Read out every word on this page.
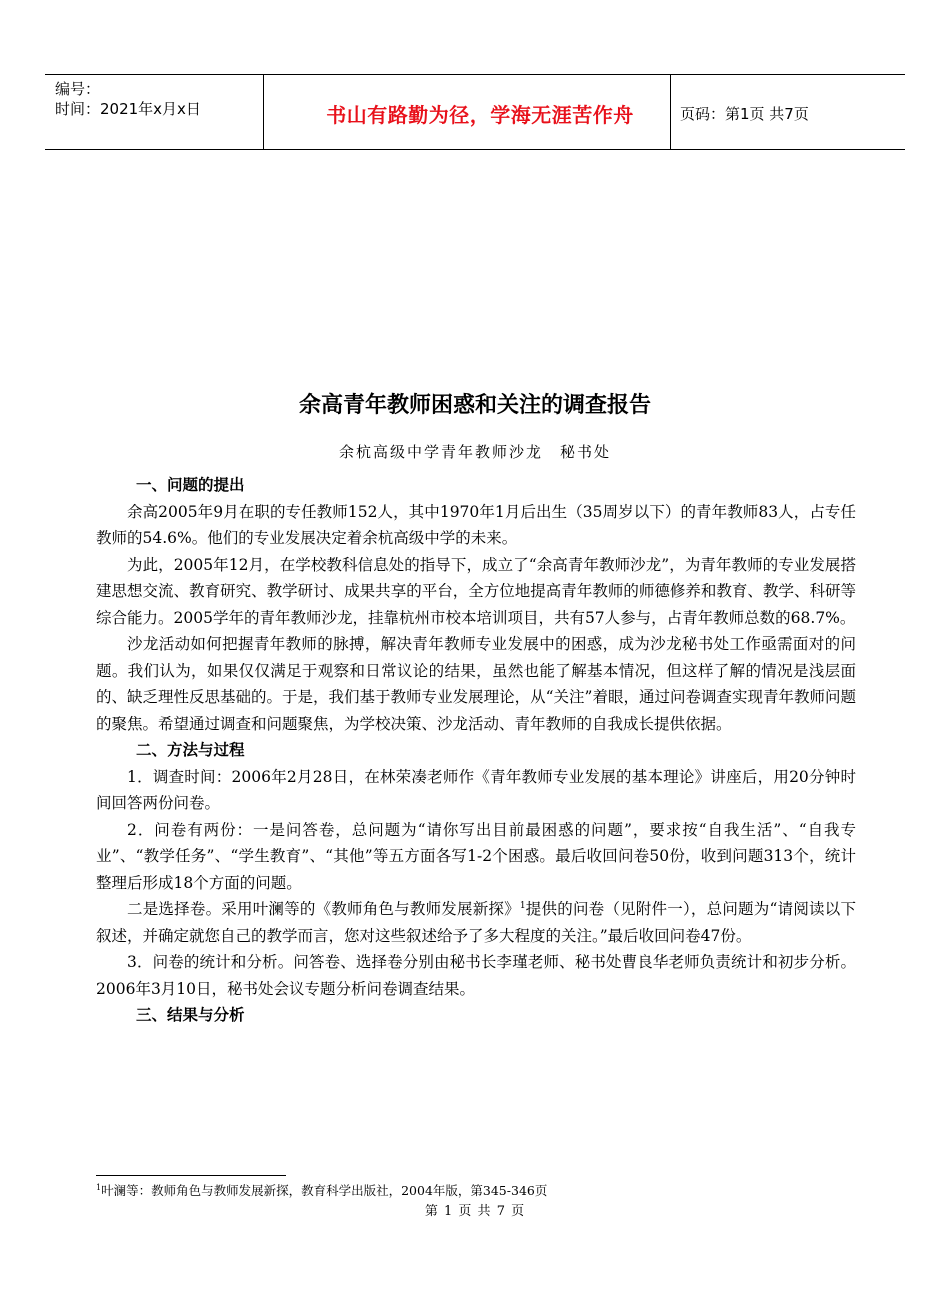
编号：
时间：2021年x月x日	书山有路勤为径，学海无涯苦作舟	页码：第1页 共7页
余高青年教师困惑和关注的调查报告
余杭高级中学青年教师沙龙　秘书处
一、问题的提出

余高2005年9月在职的专任教师152人，其中1970年1月后出生（35周岁以下）的青年教师83人，占专任教师的54.6%。他们的专业发展决定着余杭高级中学的未来。

为此，2005年12月，在学校教科信息处的指导下，成立了“余高青年教师沙龙”，为青年教师的专业发展搭建思想交流、教育研究、教学研讨、成果共享的平台，全方位地提高青年教师的师德修养和教育、教学、科研等综合能力。2005学年的青年教师沙龙，挂靠杭州市校本培训项目，共有57人参与，占青年教师总数的68.7%。

沙龙活动如何把握青年教师的脉搏，解决青年教师专业发展中的困惑，成为沙龙秘书处工作亟需面对的问题。我们认为，如果仅仅满足于观察和日常议论的结果，虽然也能了解基本情况，但这样了解的情况是浅层面的、缺乏理性反思基础的。于是，我们基于教师专业发展理论，从“关注”着眼，通过问卷调查实现青年教师问题的聚焦。希望通过调查和问题聚焦，为学校决策、沙龙活动、青年教师的自我成长提供依据。

二、方法与过程

1．调查时间：2006年2月28日，在林荣凑老师作《青年教师专业发展的基本理论》讲座后，用20分钟时间回答两份问卷。

2．问卷有两份：一是问答卷，总问题为“请你写出目前最困惑的问题”，要求按“自我生活”、“自我专业”、“教学任务”、“学生教育”、“其他”等五方面各写1-2个困惑。最后收回问卷50份，收到问题313个，统计整理后形成18个方面的问题。

二是选择卷。采用叶澜等的《教师角色与教师发展新探》$^1$提供的问卷（见附件一），总问题为“请阅读以下叙述，并确定就您自己的教学而言，您对这些叙述给予了多大程度的关注。”最后收回问卷47份。

3．问卷的统计和分析。问答卷、选择卷分别由秘书长李瑾老师、秘书处曹良华老师负责统计和初步分析。2006年3月10日，秘书处会议专题分析问卷调查结果。

三、结果与分析
$^1$叶澜等：教师角色与教师发展新探，教育科学出版社，2004年版，第345-346页
第 1 页 共 7 页
